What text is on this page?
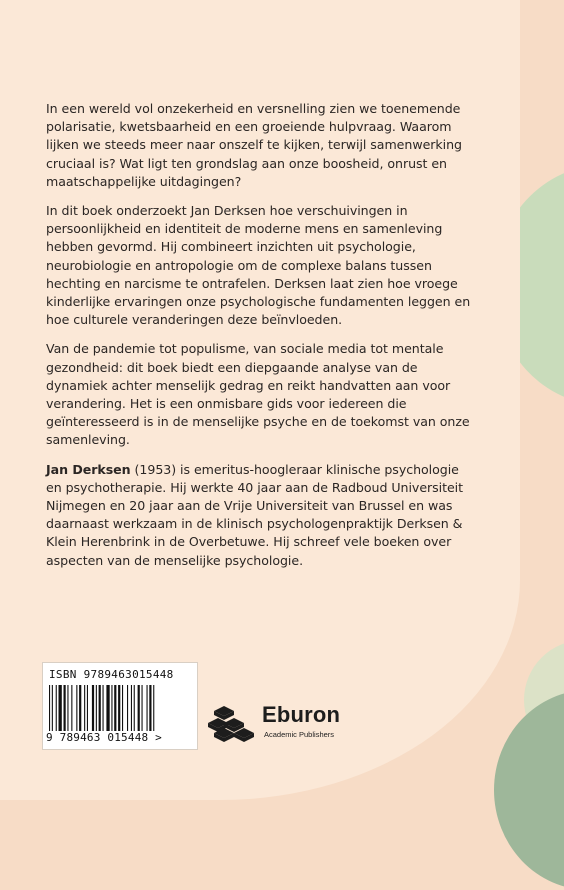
In een wereld vol onzekerheid en versnelling zien we toenemende polarisatie, kwetsbaarheid en een groeiende hulpvraag. Waarom lijken we steeds meer naar onszelf te kijken, terwijl samenwerking cruciaal is? Wat ligt ten grondslag aan onze boosheid, onrust en maatschappelijke uitdagingen?

In dit boek onderzoekt Jan Derksen hoe verschuivingen in persoonlijkheid en identiteit de moderne mens en samenleving hebben gevormd. Hij combineert inzichten uit psychologie, neurobiologie en antropologie om de complexe balans tussen hechting en narcisme te ontrafelen. Derksen laat zien hoe vroege kinderlijke ervaringen onze psychologische fundamenten leggen en hoe culturele veranderingen deze beïnvloeden.

Van de pandemie tot populisme, van sociale media tot mentale gezondheid: dit boek biedt een diepgaande analyse van de dynamiek achter menselijk gedrag en reikt handvatten aan voor verandering. Het is een onmisbare gids voor iedereen die geïnteresseerd is in de menselijke psyche en de toekomst van onze samenleving.

Jan Derksen (1953) is emeritus-hoogleraar klinische psychologie en psychotherapie. Hij werkte 40 jaar aan de Radboud Universiteit Nijmegen en 20 jaar aan de Vrije Universiteit van Brussel en was daarnaast werkzaam in de klinisch psychologenpraktijk Derksen & Klein Herenbrink in de Overbetuwe. Hij schreef vele boeken over aspecten van de menselijke psychologie.

ISBN 9789463015448
9 789463 015448 >
Eburon
Academic Publishers
